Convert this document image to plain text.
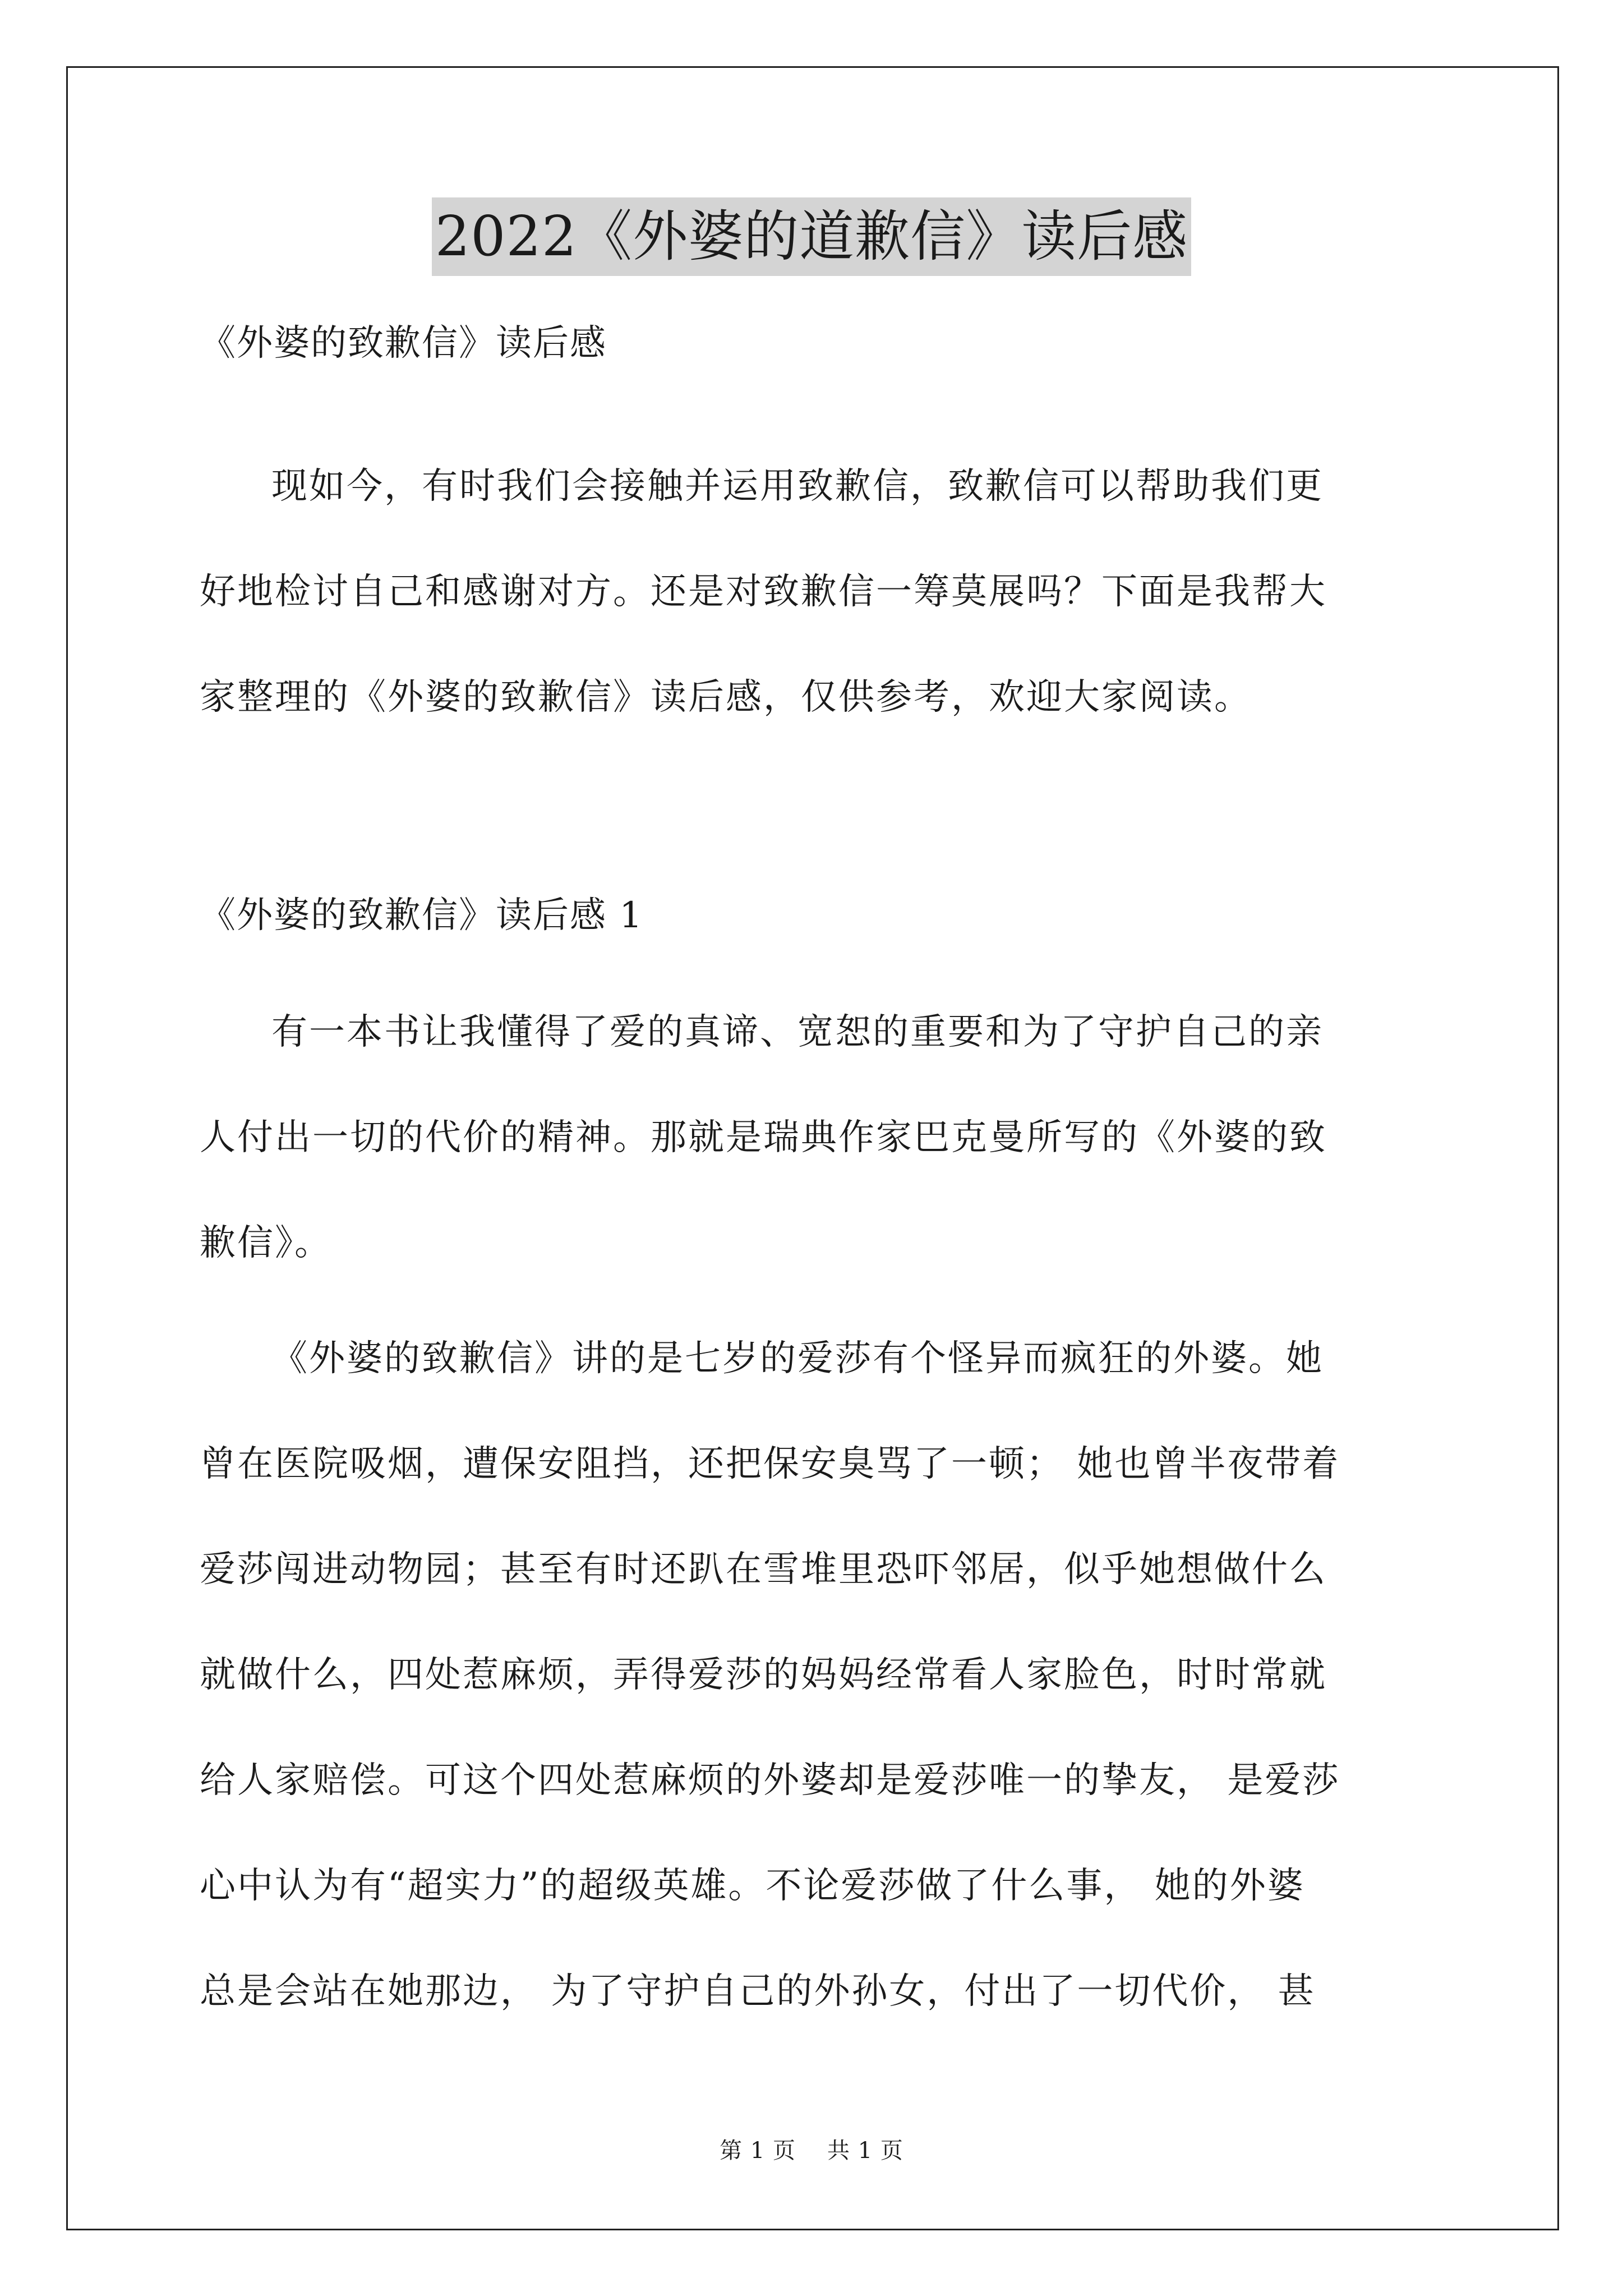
2022《外婆的道歉信》读后感

《外婆的致歉信》读后感

现如今，有时我们会接触并运用致歉信，致歉信可以帮助我们更

好地检讨自己和感谢对方。还是对致歉信一筹莫展吗？下面是我帮大

家整理的《外婆的致歉信》读后感，仅供参考，欢迎大家阅读。

《外婆的致歉信》读后感 1

有一本书让我懂得了爱的真谛、宽恕的重要和为了守护自己的亲

人付出一切的代价的精神。那就是瑞典作家巴克曼所写的《外婆的致

歉信》。

《外婆的致歉信》讲的是七岁的爱莎有个怪异而疯狂的外婆。她

曾在医院吸烟，遭保安阻挡，还把保安臭骂了一顿； 她也曾半夜带着

爱莎闯进动物园；甚至有时还趴在雪堆里恐吓邻居，似乎她想做什么

就做什么，四处惹麻烦，弄得爱莎的妈妈经常看人家脸色，时时常就

给人家赔偿。可这个四处惹麻烦的外婆却是爱莎唯一的挚友， 是爱莎

心中认为有“超实力”的超级英雄。不论爱莎做了什么事， 她的外婆

总是会站在她那边， 为了守护自己的外孙女，付出了一切代价， 甚

第 1 页 共 1 页
